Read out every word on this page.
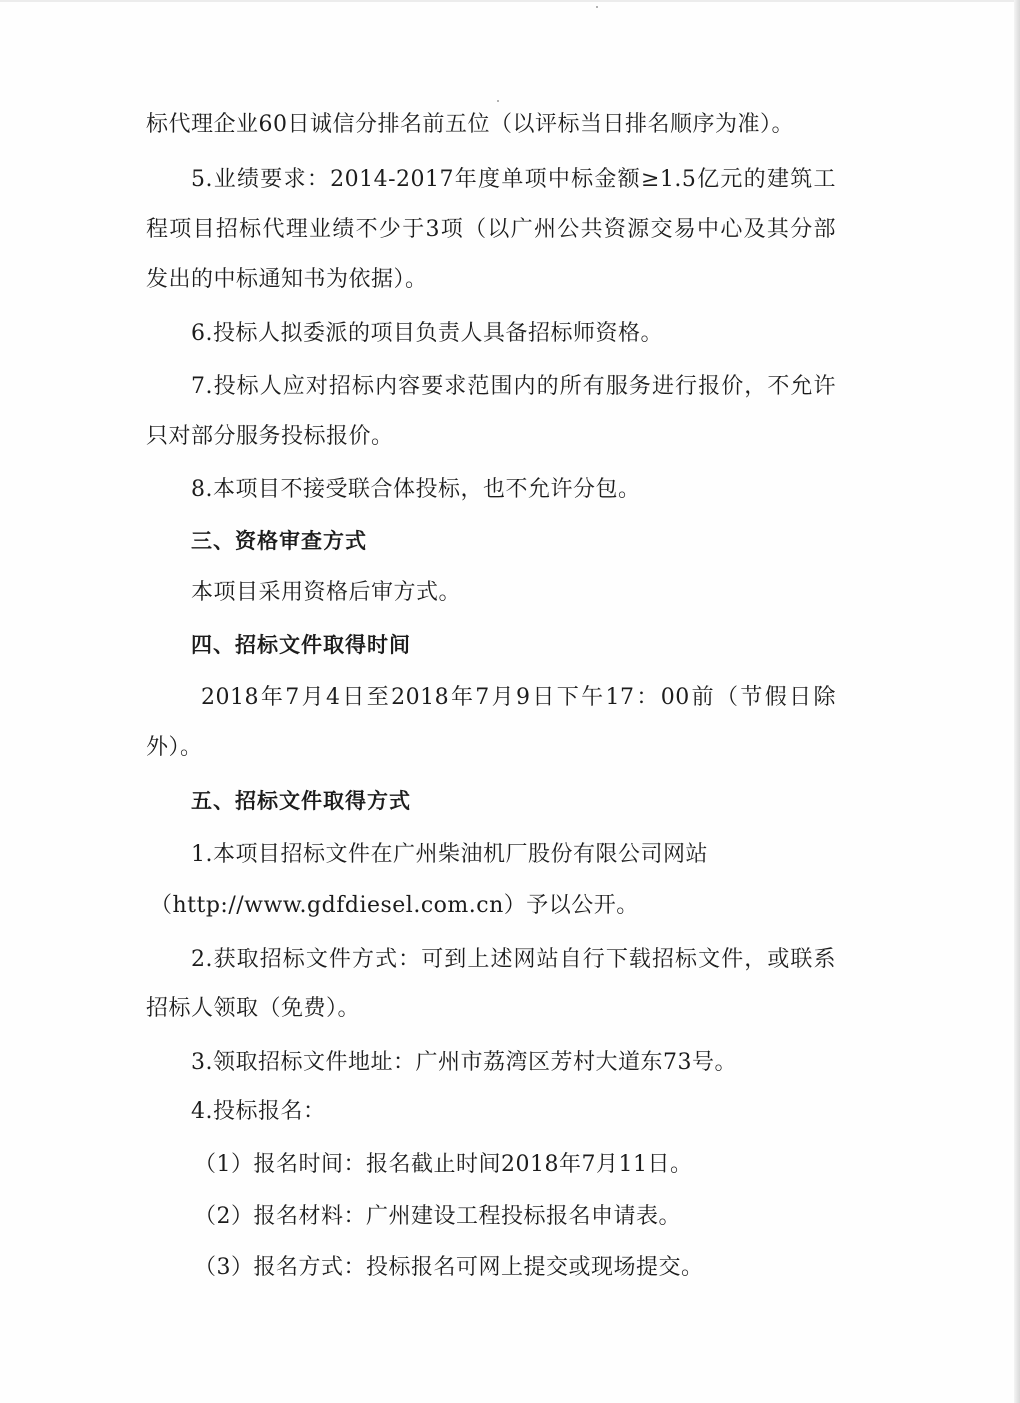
标代理企业60日诚信分排名前五位（以评标当日排名顺序为准）。
5.业绩要求：2014-2017年度单项中标金额≥1.5亿元的建筑工
程项目招标代理业绩不少于3项（以广州公共资源交易中心及其分部
发出的中标通知书为依据）。
6.投标人拟委派的项目负责人具备招标师资格。
7.投标人应对招标内容要求范围内的所有服务进行报价，不允许
只对部分服务投标报价。
8.本项目不接受联合体投标，也不允许分包。
三、资格审查方式
本项目采用资格后审方式。
四、招标文件取得时间
2018年7月4日至2018年7月9日下午17：00前（节假日除
外）。
五、招标文件取得方式
1.本项目招标文件在广州柴油机厂股份有限公司网站
（http://www.gdfdiesel.com.cn）予以公开。
2.获取招标文件方式：可到上述网站自行下载招标文件，或联系
招标人领取（免费）。
3.领取招标文件地址：广州市荔湾区芳村大道东73号。
4.投标报名：
（1）报名时间：报名截止时间2018年7月11日。
（2）报名材料：广州建设工程投标报名申请表。
（3）报名方式：投标报名可网上提交或现场提交。
